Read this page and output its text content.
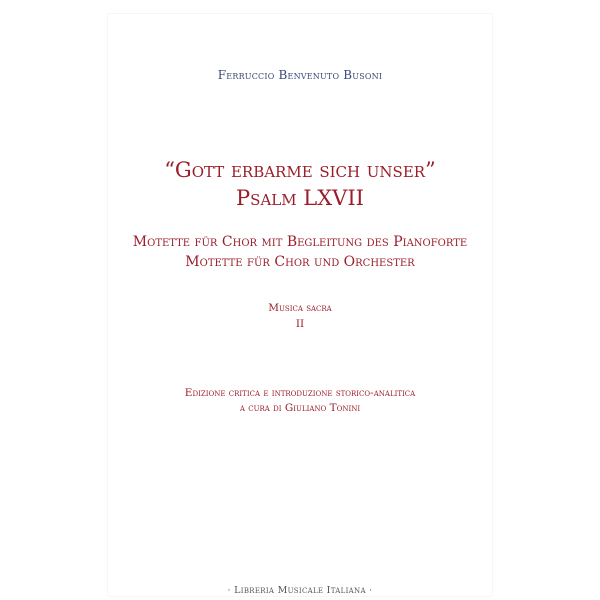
Ferruccio Benvenuto Busoni

“Gott erbarme sich unser”

Psalm LXVII

Motette für Chor mit Begleitung des Pianoforte

Motette für Chor und Orchester

Musica sacra

II

Edizione critica e introduzione storico-analitica

a cura di Giuliano Tonini

· Libreria Musicale Italiana ·
